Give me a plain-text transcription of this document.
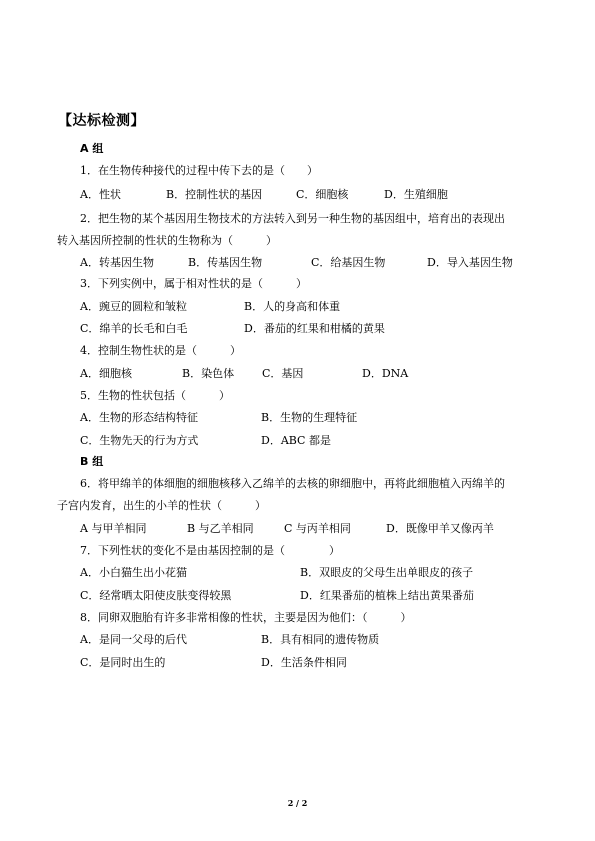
【达标检测】
A 组
1．在生物传种接代的过程中传下去的是（　　）
A．性状	B．控制性状的基因	C．细胞核	D．生殖细胞
2．把生物的某个基因用生物技术的方法转入到另一种生物的基因组中，培育出的表现出
转入基因所控制的性状的生物称为（　　　）
A．转基因生物	B．传基因生物	C．给基因生物	D．导入基因生物
3．下列实例中，属于相对性状的是（　　　）
A．豌豆的圆粒和皱粒	B．人的身高和体重
C．绵羊的长毛和白毛	D．番茄的红果和柑橘的黄果
4．控制生物性状的是（　　　）
A．细胞核	B．染色体	C．基因	D．DNA
5．生物的性状包括（　　　）
A．生物的形态结构特征	B．生物的生理特征
C．生物先天的行为方式	D．ABC 都是
B 组
6．将甲绵羊的体细胞的细胞核移入乙绵羊的去核的卵细胞中，再将此细胞植入丙绵羊的
子宫内发育，出生的小羊的性状（　　　）
A 与甲羊相同	B 与乙羊相同	C 与丙羊相同	D．既像甲羊又像丙羊
7．下列性状的变化不是由基因控制的是（　　　　）
A．小白猫生出小花猫	B．双眼皮的父母生出单眼皮的孩子
C．经常晒太阳使皮肤变得较黑	D．红果番茄的植株上结出黄果番茄
8．同卵双胞胎有许多非常相像的性状，主要是因为他们：（　　　）
A．是同一父母的后代	B．具有相同的遗传物质
C．是同时出生的	D．生活条件相同
2 / 2
